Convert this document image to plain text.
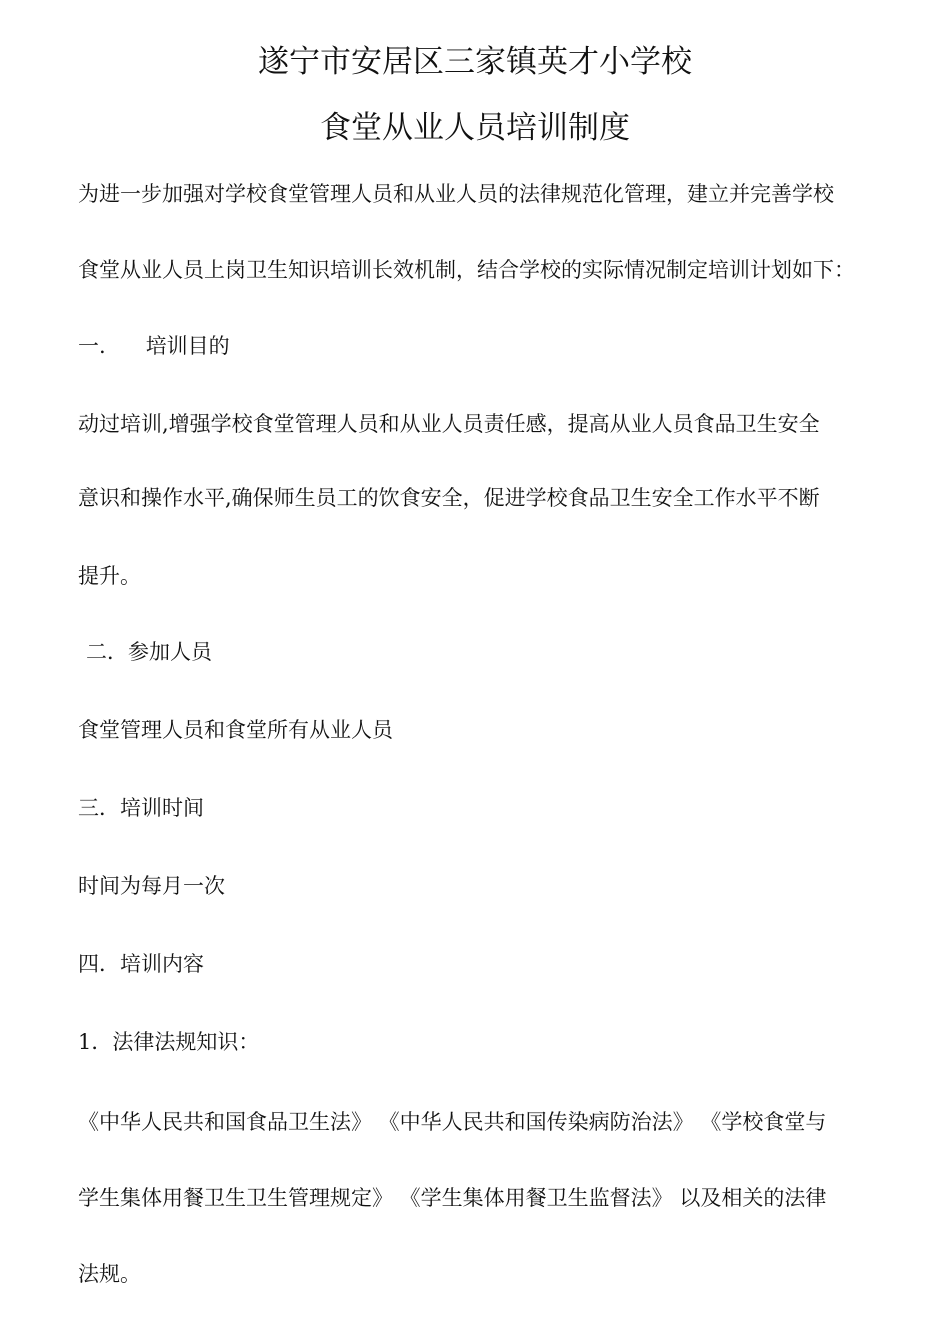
遂宁市安居区三家镇英才小学校
食堂从业人员培训制度
为进一步加强对学校食堂管理人员和从业人员的法律规范化管理，建立并完善学校
食堂从业人员上岗卫生知识培训长效机制，结合学校的实际情况制定培训计划如下：
一. 培训目的
动过培训,增强学校食堂管理人员和从业人员责任感，提高从业人员食品卫生安全
意识和操作水平,确保师生员工的饮食安全，促进学校食品卫生安全工作水平不断
提升。
二．参加人员
食堂管理人员和食堂所有从业人员
三．培训时间
时间为每月一次
四．培训内容
1．法律法规知识：
《中华人民共和国食品卫生法》 《中华人民共和国传染病防治法》 《学校食堂与
学生集体用餐卫生卫生管理规定》 《学生集体用餐卫生监督法》 以及相关的法律
法规。
